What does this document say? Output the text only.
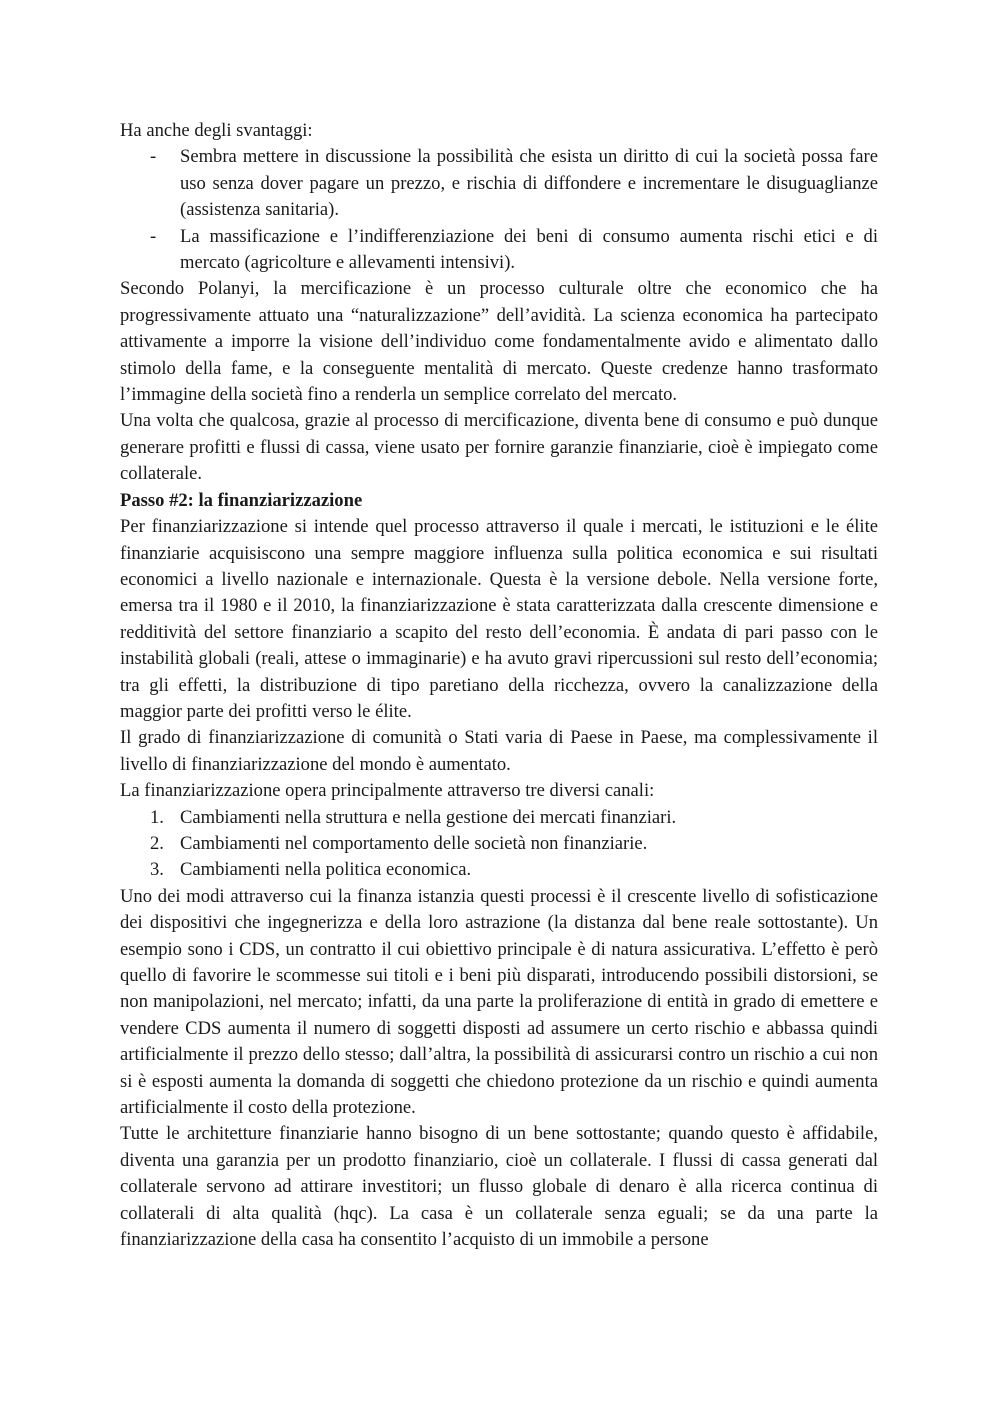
Ha anche degli svantaggi:

- Sembra mettere in discussione la possibilità che esista un diritto di cui la società possa fare uso senza dover pagare un prezzo, e rischia di diffondere e incrementare le disuguaglianze (assistenza sanitaria).
- La massificazione e l’indifferenziazione dei beni di consumo aumenta rischi etici e di mercato (agricolture e allevamenti intensivi).

Secondo Polanyi, la mercificazione è un processo culturale oltre che economico che ha progressivamente attuato una “naturalizzazione” dell’avidità. La scienza economica ha partecipato attivamente a imporre la visione dell’individuo come fondamentalmente avido e alimentato dallo stimolo della fame, e la conseguente mentalità di mercato. Queste credenze hanno trasformato l’immagine della società fino a renderla un semplice correlato del mercato.

Una volta che qualcosa, grazie al processo di mercificazione, diventa bene di consumo e può dunque generare profitti e flussi di cassa, viene usato per fornire garanzie finanziarie, cioè è impiegato come collaterale.

Passo #2: la finanziarizzazione

Per finanziarizzazione si intende quel processo attraverso il quale i mercati, le istituzioni e le élite finanziarie acquisiscono una sempre maggiore influenza sulla politica economica e sui risultati economici a livello nazionale e internazionale. Questa è la versione debole. Nella versione forte, emersa tra il 1980 e il 2010, la finanziarizzazione è stata caratterizzata dalla crescente dimensione e redditività del settore finanziario a scapito del resto dell’economia. È andata di pari passo con le instabilità globali (reali, attese o immaginarie) e ha avuto gravi ripercussioni sul resto dell’economia; tra gli effetti, la distribuzione di tipo paretiano della ricchezza, ovvero la canalizzazione della maggior parte dei profitti verso le élite.

Il grado di finanziarizzazione di comunità o Stati varia di Paese in Paese, ma complessivamente il livello di finanziarizzazione del mondo è aumentato.

La finanziarizzazione opera principalmente attraverso tre diversi canali:

1. Cambiamenti nella struttura e nella gestione dei mercati finanziari.
2. Cambiamenti nel comportamento delle società non finanziarie.
3. Cambiamenti nella politica economica.

Uno dei modi attraverso cui la finanza istanzia questi processi è il crescente livello di sofisticazione dei dispositivi che ingegnerizza e della loro astrazione (la distanza dal bene reale sottostante). Un esempio sono i CDS, un contratto il cui obiettivo principale è di natura assicurativa. L’effetto è però quello di favorire le scommesse sui titoli e i beni più disparati, introducendo possibili distorsioni, se non manipolazioni, nel mercato; infatti, da una parte la proliferazione di entità in grado di emettere e vendere CDS aumenta il numero di soggetti disposti ad assumere un certo rischio e abbassa quindi artificialmente il prezzo dello stesso; dall’altra, la possibilità di assicurarsi contro un rischio a cui non si è esposti aumenta la domanda di soggetti che chiedono protezione da un rischio e quindi aumenta artificialmente il costo della protezione.

Tutte le architetture finanziarie hanno bisogno di un bene sottostante; quando questo è affidabile, diventa una garanzia per un prodotto finanziario, cioè un collaterale. I flussi di cassa generati dal collaterale servono ad attirare investitori; un flusso globale di denaro è alla ricerca continua di collaterali di alta qualità (hqc). La casa è un collaterale senza eguali; se da una parte la finanziarizzazione della casa ha consentito l’acquisto di un immobile a persone
